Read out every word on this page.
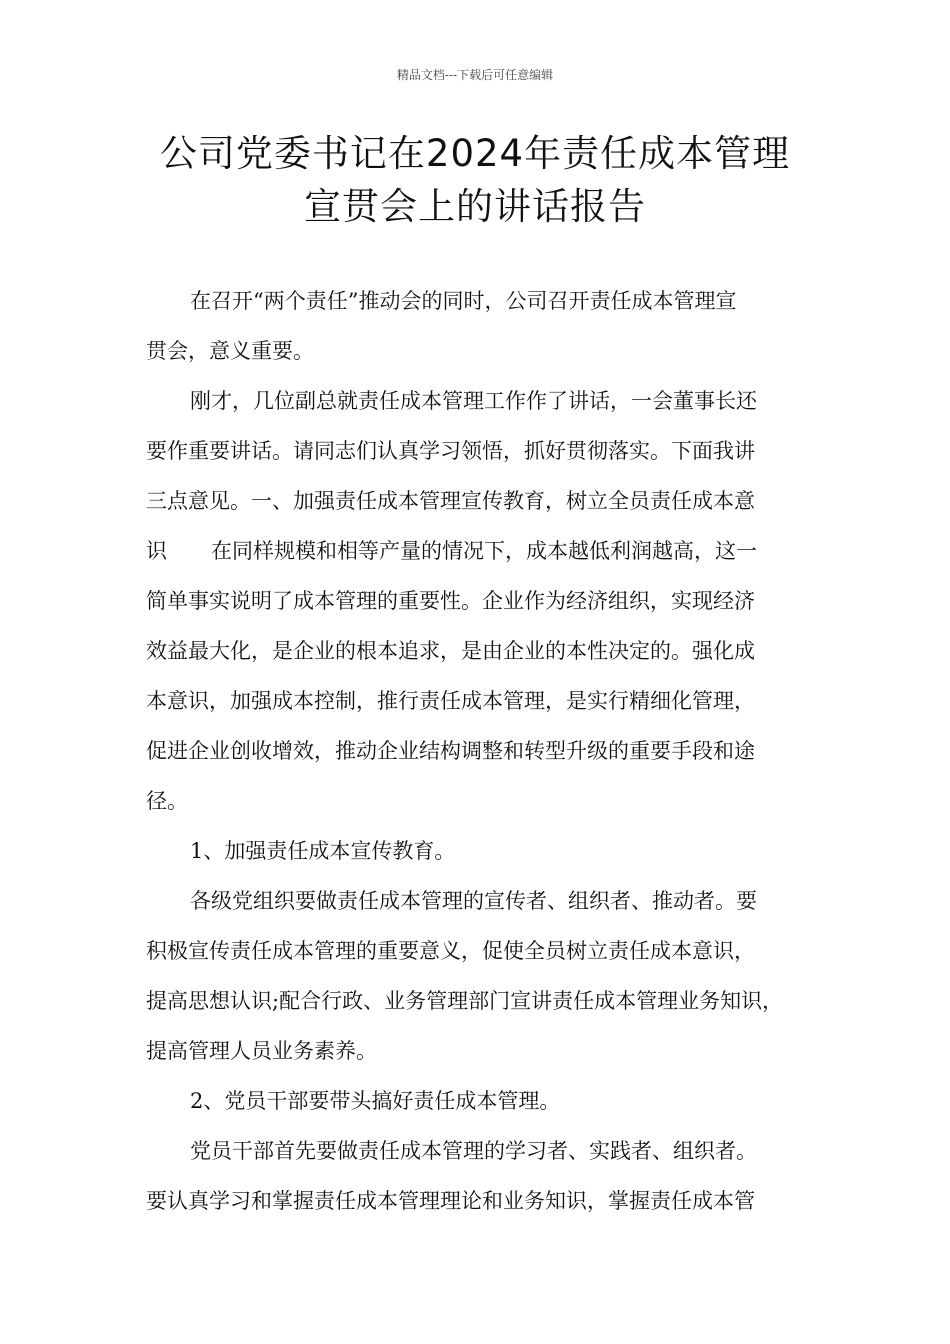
精品文档---下载后可任意编辑
公司党委书记在2024年责任成本管理
宣贯会上的讲话报告

在召开“两个责任”推动会的同时，公司召开责任成本管理宣

贯会，意义重要。

刚才，几位副总就责任成本管理工作作了讲话，一会董事长还

要作重要讲话。请同志们认真学习领悟，抓好贯彻落实。下面我讲

三点意见。一、加强责任成本管理宣传教育，树立全员责任成本意

识 在同样规模和相等产量的情况下，成本越低利润越高，这一

简单事实说明了成本管理的重要性。企业作为经济组织，实现经济

效益最大化，是企业的根本追求，是由企业的本性决定的。强化成

本意识，加强成本控制，推行责任成本管理，是实行精细化管理，

促进企业创收增效，推动企业结构调整和转型升级的重要手段和途

径。

1、加强责任成本宣传教育。

各级党组织要做责任成本管理的宣传者、组织者、推动者。要

积极宣传责任成本管理的重要意义，促使全员树立责任成本意识，

提高思想认识;配合行政、业务管理部门宣讲责任成本管理业务知识，

提高管理人员业务素养。

2、党员干部要带头搞好责任成本管理。

党员干部首先要做责任成本管理的学习者、实践者、组织者。

要认真学习和掌握责任成本管理理论和业务知识，掌握责任成本管
